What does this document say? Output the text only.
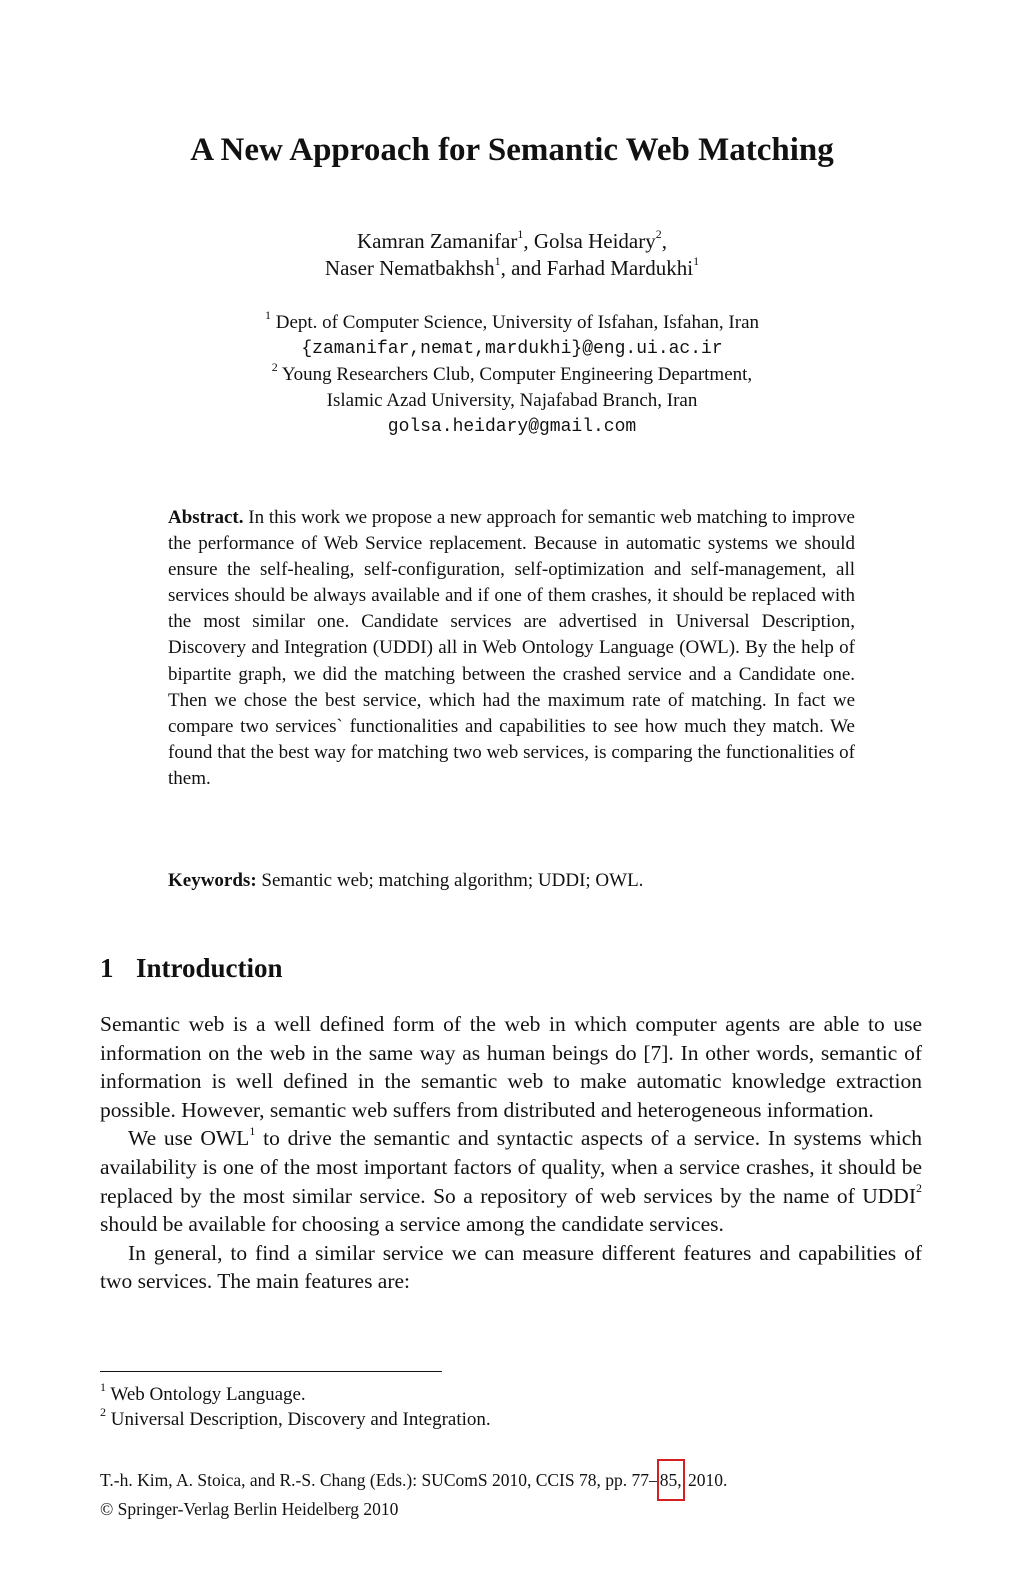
A New Approach for Semantic Web Matching
Kamran Zamanifar$^1$, Golsa Heidary$^2$,
Naser Nematbakhsh$^1$, and Farhad Mardukhi$^1$
$^1$ Dept. of Computer Science, University of Isfahan, Isfahan, Iran
{zamanifar,nemat,mardukhi}@eng.ui.ac.ir
$^2$ Young Researchers Club, Computer Engineering Department,
Islamic Azad University, Najafabad Branch, Iran
golsa.heidary@gmail.com

Abstract. In this work we propose a new approach for semantic web matching to improve the performance of Web Service replacement. Because in automatic systems we should ensure the self-healing, self-configuration, self-optimization and self-management, all services should be always available and if one of them crashes, it should be replaced with the most similar one. Candidate services are advertised in Universal Description, Discovery and Integration (UDDI) all in Web Ontology Language (OWL). By the help of bipartite graph, we did the matching between the crashed service and a Candidate one. Then we chose the best service, which had the maximum rate of matching. In fact we compare two services` functionalities and capabilities to see how much they match. We found that the best way for matching two web services, is comparing the functionalities of them.

Keywords: Semantic web; matching algorithm; UDDI; OWL.

1 Introduction

Semantic web is a well defined form of the web in which computer agents are able to use information on the web in the same way as human beings do [7]. In other words, semantic of information is well defined in the semantic web to make automatic knowledge extraction possible. However, semantic web suffers from distributed and heterogeneous information.

We use OWL$^1$ to drive the semantic and syntactic aspects of a service. In systems which availability is one of the most important factors of quality, when a service crashes, it should be replaced by the most similar service. So a repository of web services by the name of UDDI$^2$ should be available for choosing a service among the candidate services.

In general, to find a similar service we can measure different features and capabilities of two services. The main features are:

$^1$ Web Ontology Language.
$^2$ Universal Description, Discovery and Integration.
T.-h. Kim, A. Stoica, and R.-S. Chang (Eds.): SUComS 2010, CCIS 78, pp. 77– 85, 2010.
© Springer-Verlag Berlin Heidelberg 2010
